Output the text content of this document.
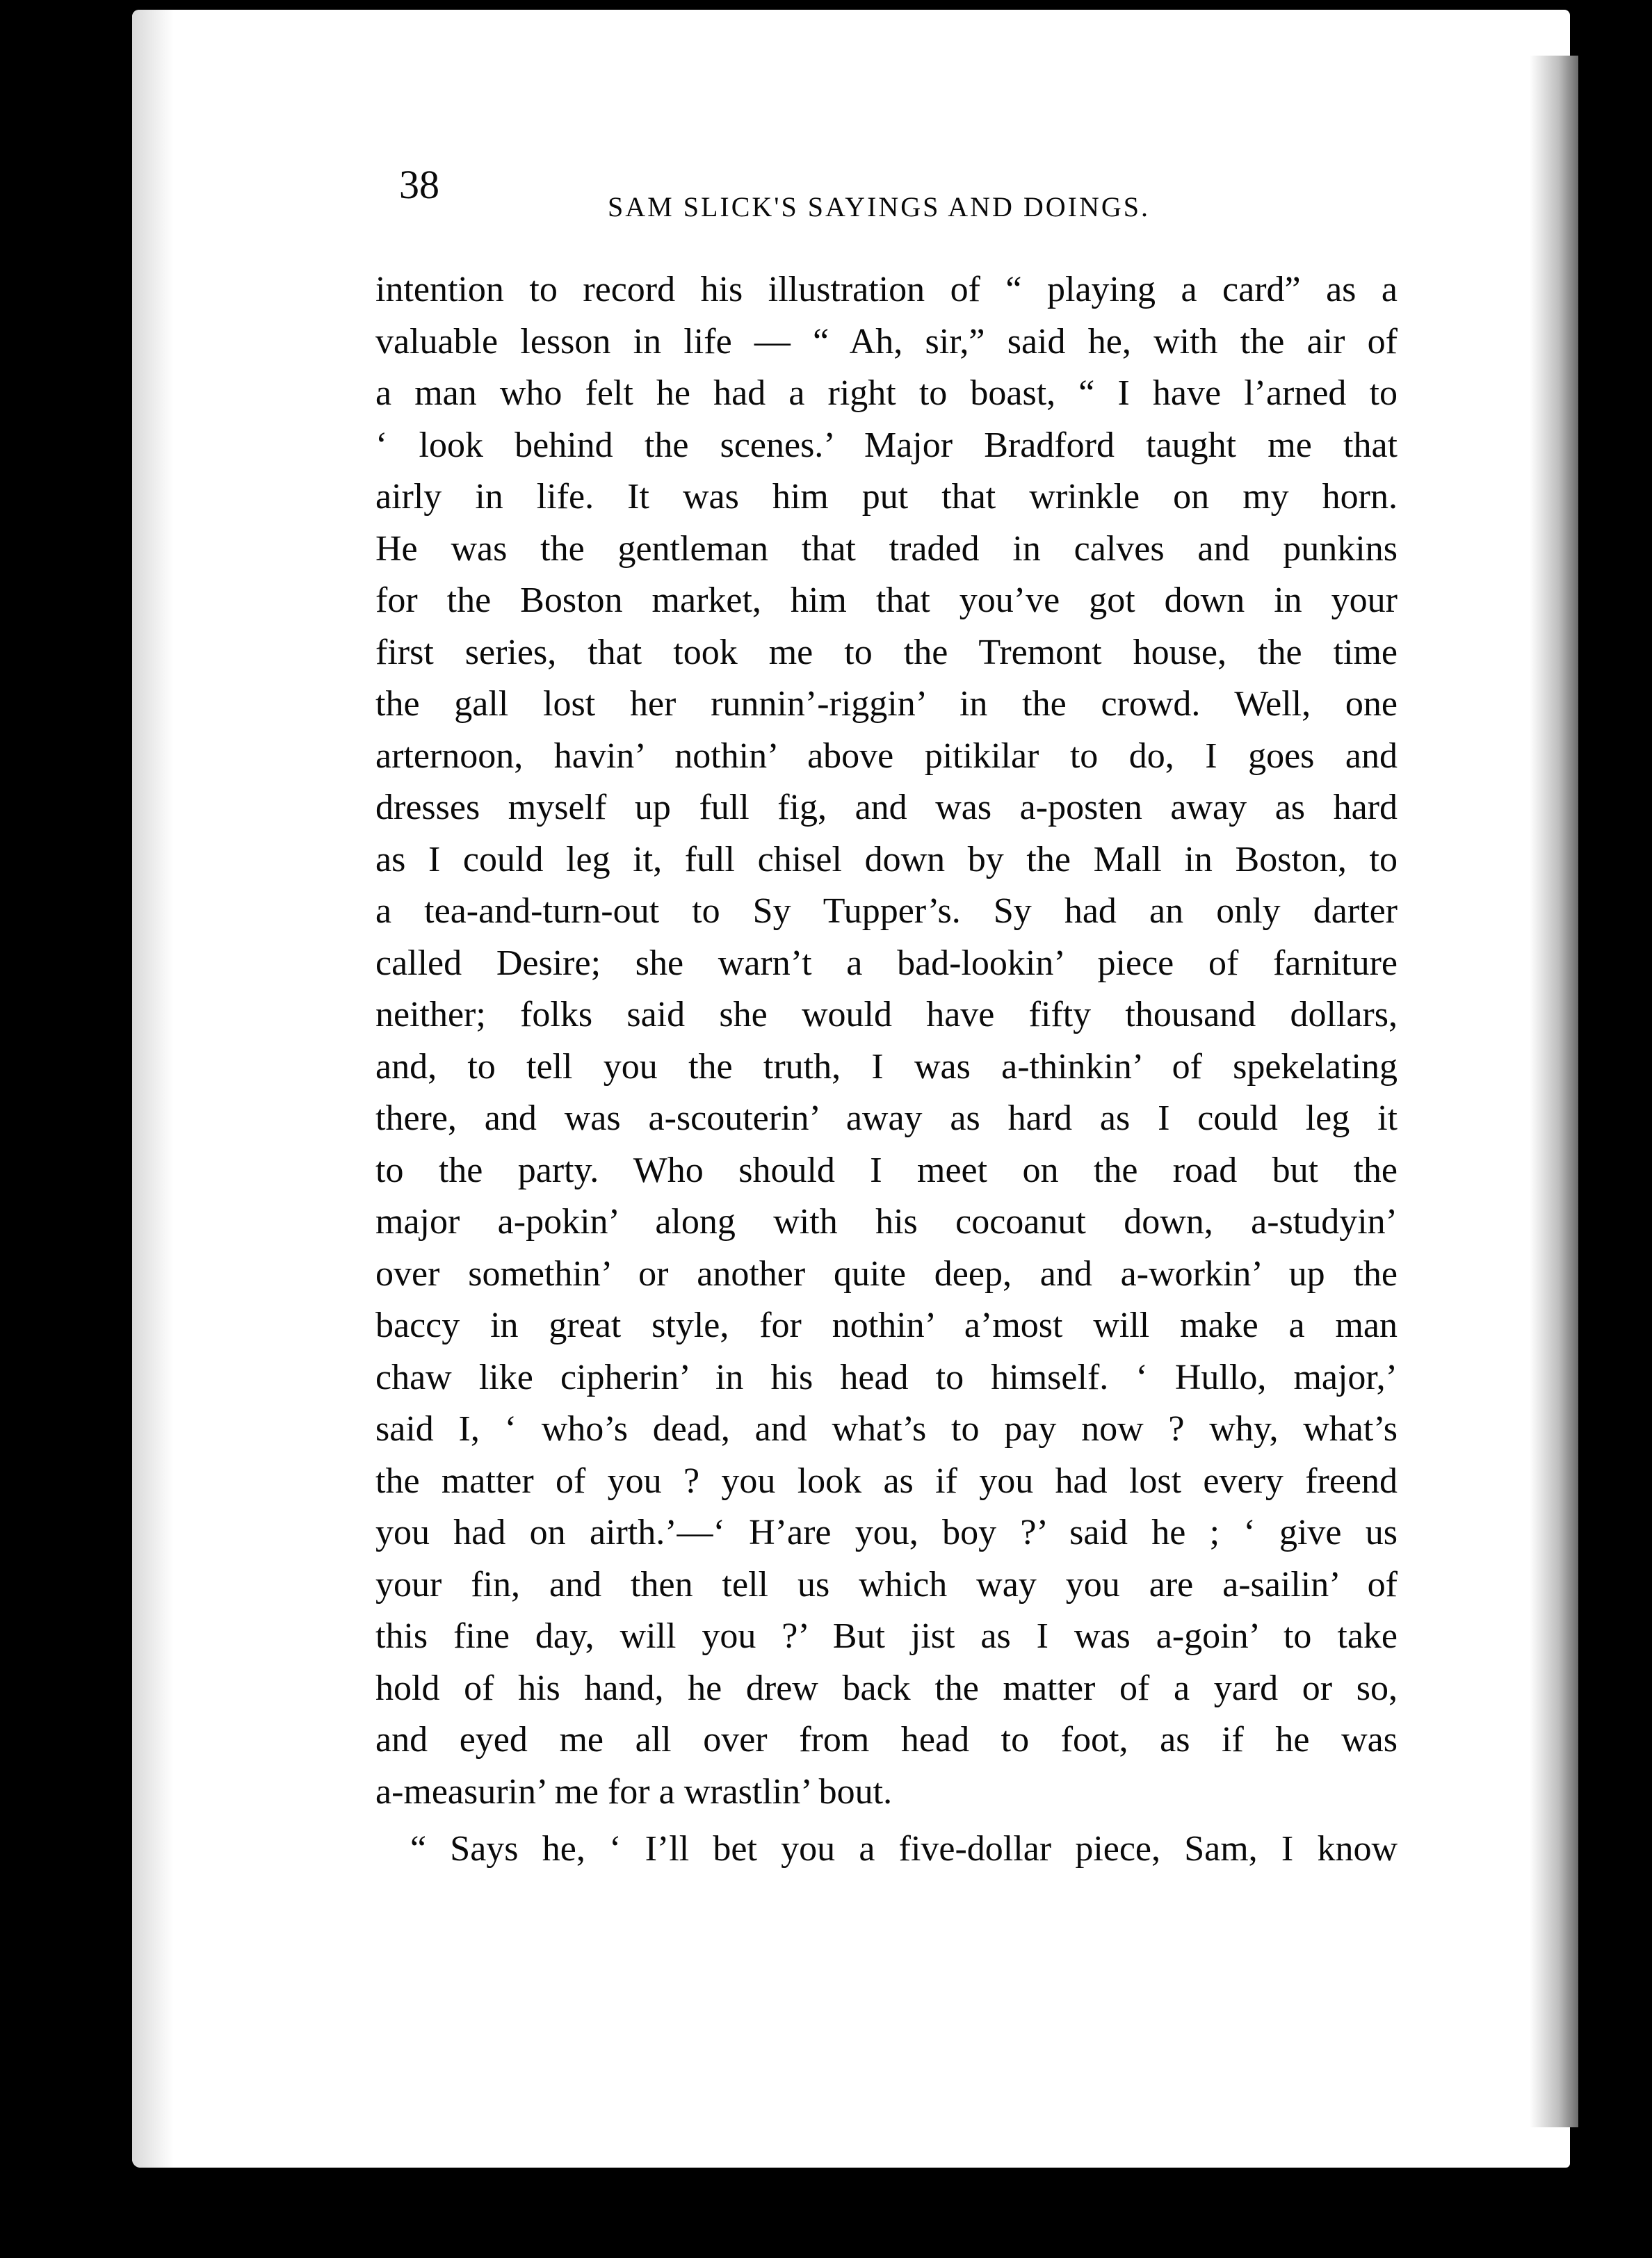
38	SAM SLICK'S SAYINGS AND DOINGS.
intention to record his illustration of “ playing a card” as a
valuable lesson in life — “ Ah, sir,” said he, with the air of
a man who felt he had a right to boast, “ I have l’arned to
‘ look behind the scenes.’ Major Bradford taught me that
airly in life. It was him put that wrinkle on my horn.
He was the gentleman that traded in calves and punkins
for the Boston market, him that you’ve got down in your
first series, that took me to the Tremont house, the time
the gall lost her runnin’-riggin’ in the crowd. Well, one
arternoon, havin’ nothin’ above pitikilar to do, I goes and
dresses myself up full fig, and was a-posten away as hard
as I could leg it, full chisel down by the Mall in Boston, to
a tea-and-turn-out to Sy Tupper’s. Sy had an only darter
called Desire; she warn’t a bad-lookin’ piece of farniture
neither; folks said she would have fifty thousand dollars,
and, to tell you the truth, I was a-thinkin’ of spekelating
there, and was a-scouterin’ away as hard as I could leg it
to the party. Who should I meet on the road but the
major a-pokin’ along with his cocoanut down, a-studyin’
over somethin’ or another quite deep, and a-workin’ up the
baccy in great style, for nothin’ a’most will make a man
chaw like cipherin’ in his head to himself. ‘ Hullo, major,’
said I, ‘ who’s dead, and what’s to pay now ? why, what’s
the matter of you ? you look as if you had lost every freend
you had on airth.’—‘ H’are you, boy ?’ said he ; ‘ give us
your fin, and then tell us which way you are a-sailin’ of
this fine day, will you ?’ But jist as I was a-goin’ to take
hold of his hand, he drew back the matter of a yard or so,
and eyed me all over from head to foot, as if he was
a-measurin’ me for a wrastlin’ bout.
“ Says he, ‘ I’ll bet you a five-dollar piece, Sam, I know
